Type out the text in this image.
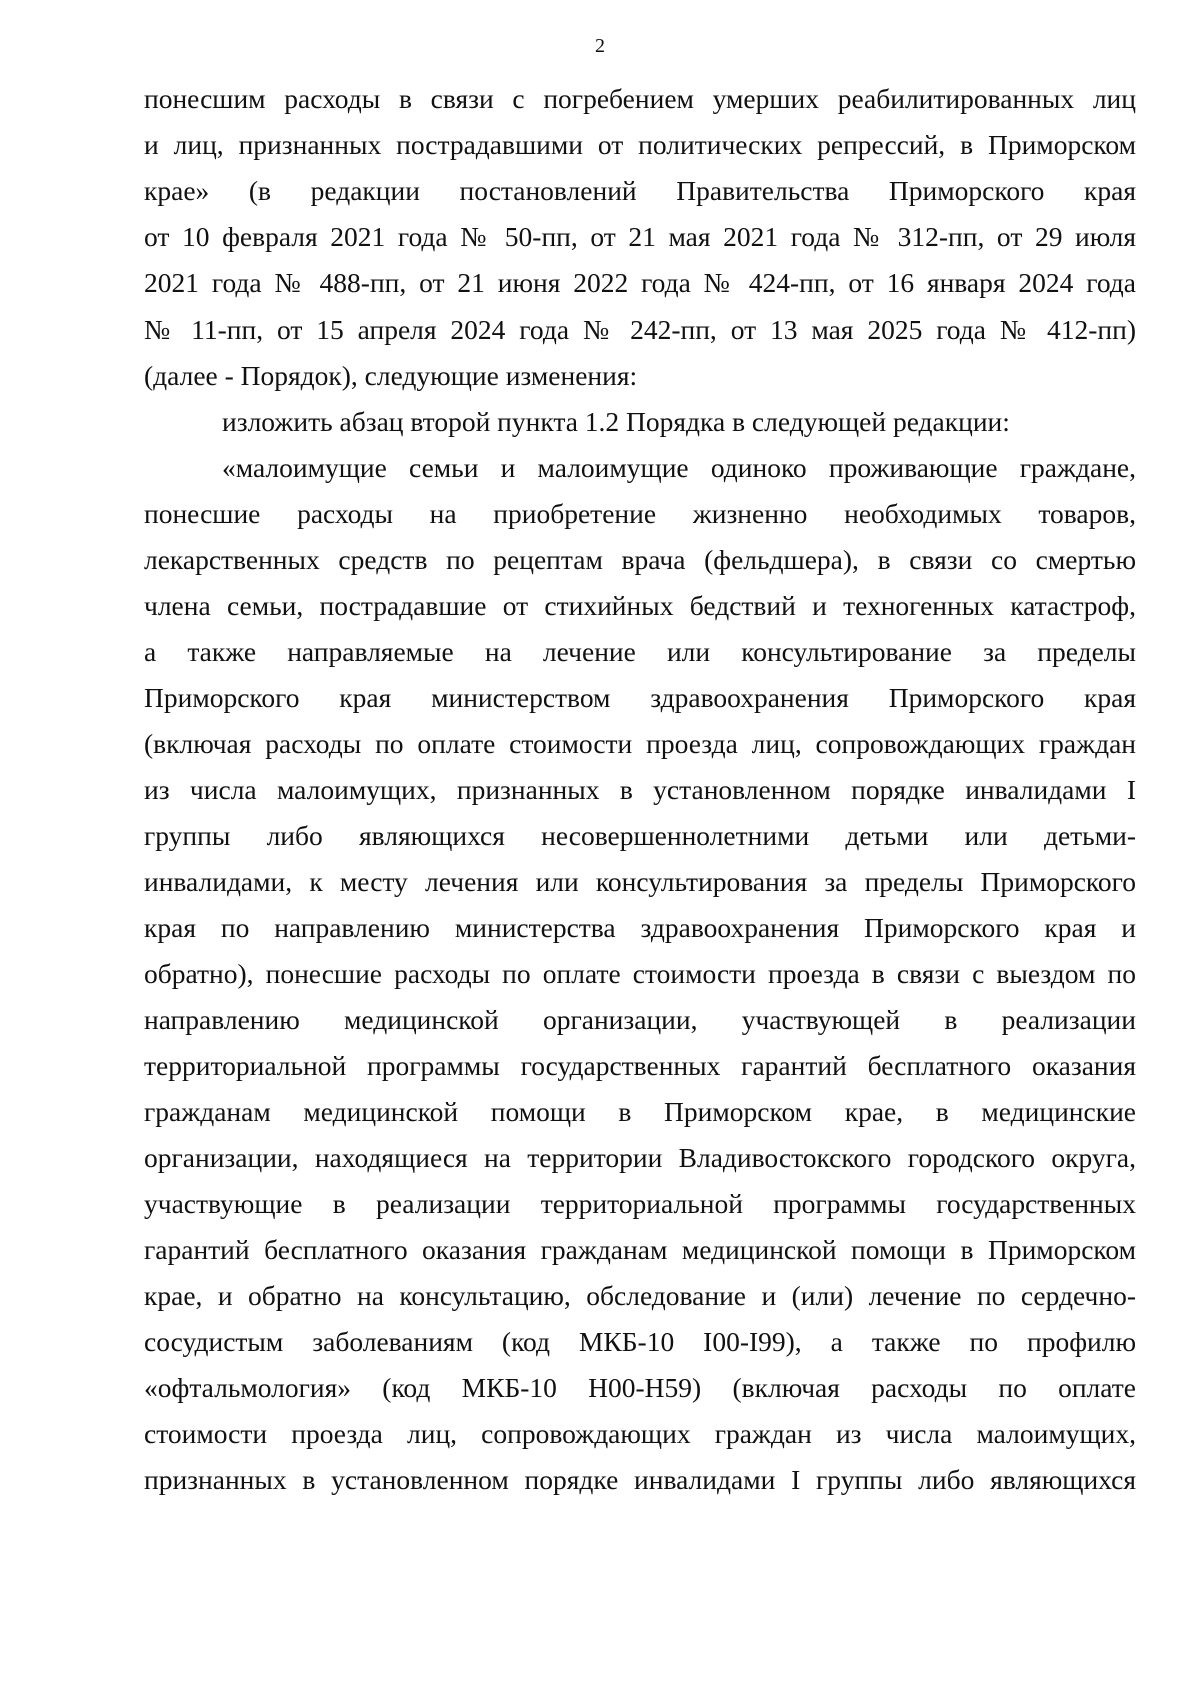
2
понесшим расходы в связи с погребением умерших реабилитированных лиц
и лиц, признанных пострадавшими от политических репрессий, в Приморском
крае» (в редакции постановлений Правительства Приморского края
от 10 февраля 2021 года № 50-пп, от 21 мая 2021 года № 312-пп, от 29 июля
2021 года № 488-пп, от 21 июня 2022 года № 424-пп, от 16 января 2024 года
№ 11-пп, от 15 апреля 2024 года № 242-пп, от 13 мая 2025 года № 412-пп)
(далее - Порядок), следующие изменения:
изложить абзац второй пункта 1.2 Порядка в следующей редакции:
«малоимущие семьи и малоимущие одиноко проживающие граждане,
понесшие расходы на приобретение жизненно необходимых товаров,
лекарственных средств по рецептам врача (фельдшера), в связи со смертью
члена семьи, пострадавшие от стихийных бедствий и техногенных катастроф,
а также направляемые на лечение или консультирование за пределы
Приморского края министерством здравоохранения Приморского края
(включая расходы по оплате стоимости проезда лиц, сопровождающих граждан
из числа малоимущих, признанных в установленном порядке инвалидами I
группы либо являющихся несовершеннолетними детьми или детьми-
инвалидами, к месту лечения или консультирования за пределы Приморского
края по направлению министерства здравоохранения Приморского края и
обратно), понесшие расходы по оплате стоимости проезда в связи с выездом по
направлению медицинской организации, участвующей в реализации
территориальной программы государственных гарантий бесплатного оказания
гражданам медицинской помощи в Приморском крае, в медицинские
организации, находящиеся на территории Владивостокского городского округа,
участвующие в реализации территориальной программы государственных
гарантий бесплатного оказания гражданам медицинской помощи в Приморском
крае, и обратно на консультацию, обследование и (или) лечение по сердечно-
сосудистым заболеваниям (код МКБ-10 I00-I99), а также по профилю
«офтальмология» (код МКБ-10 H00-H59) (включая расходы по оплате
стоимости проезда лиц, сопровождающих граждан из числа малоимущих,
признанных в установленном порядке инвалидами I группы либо являющихся
